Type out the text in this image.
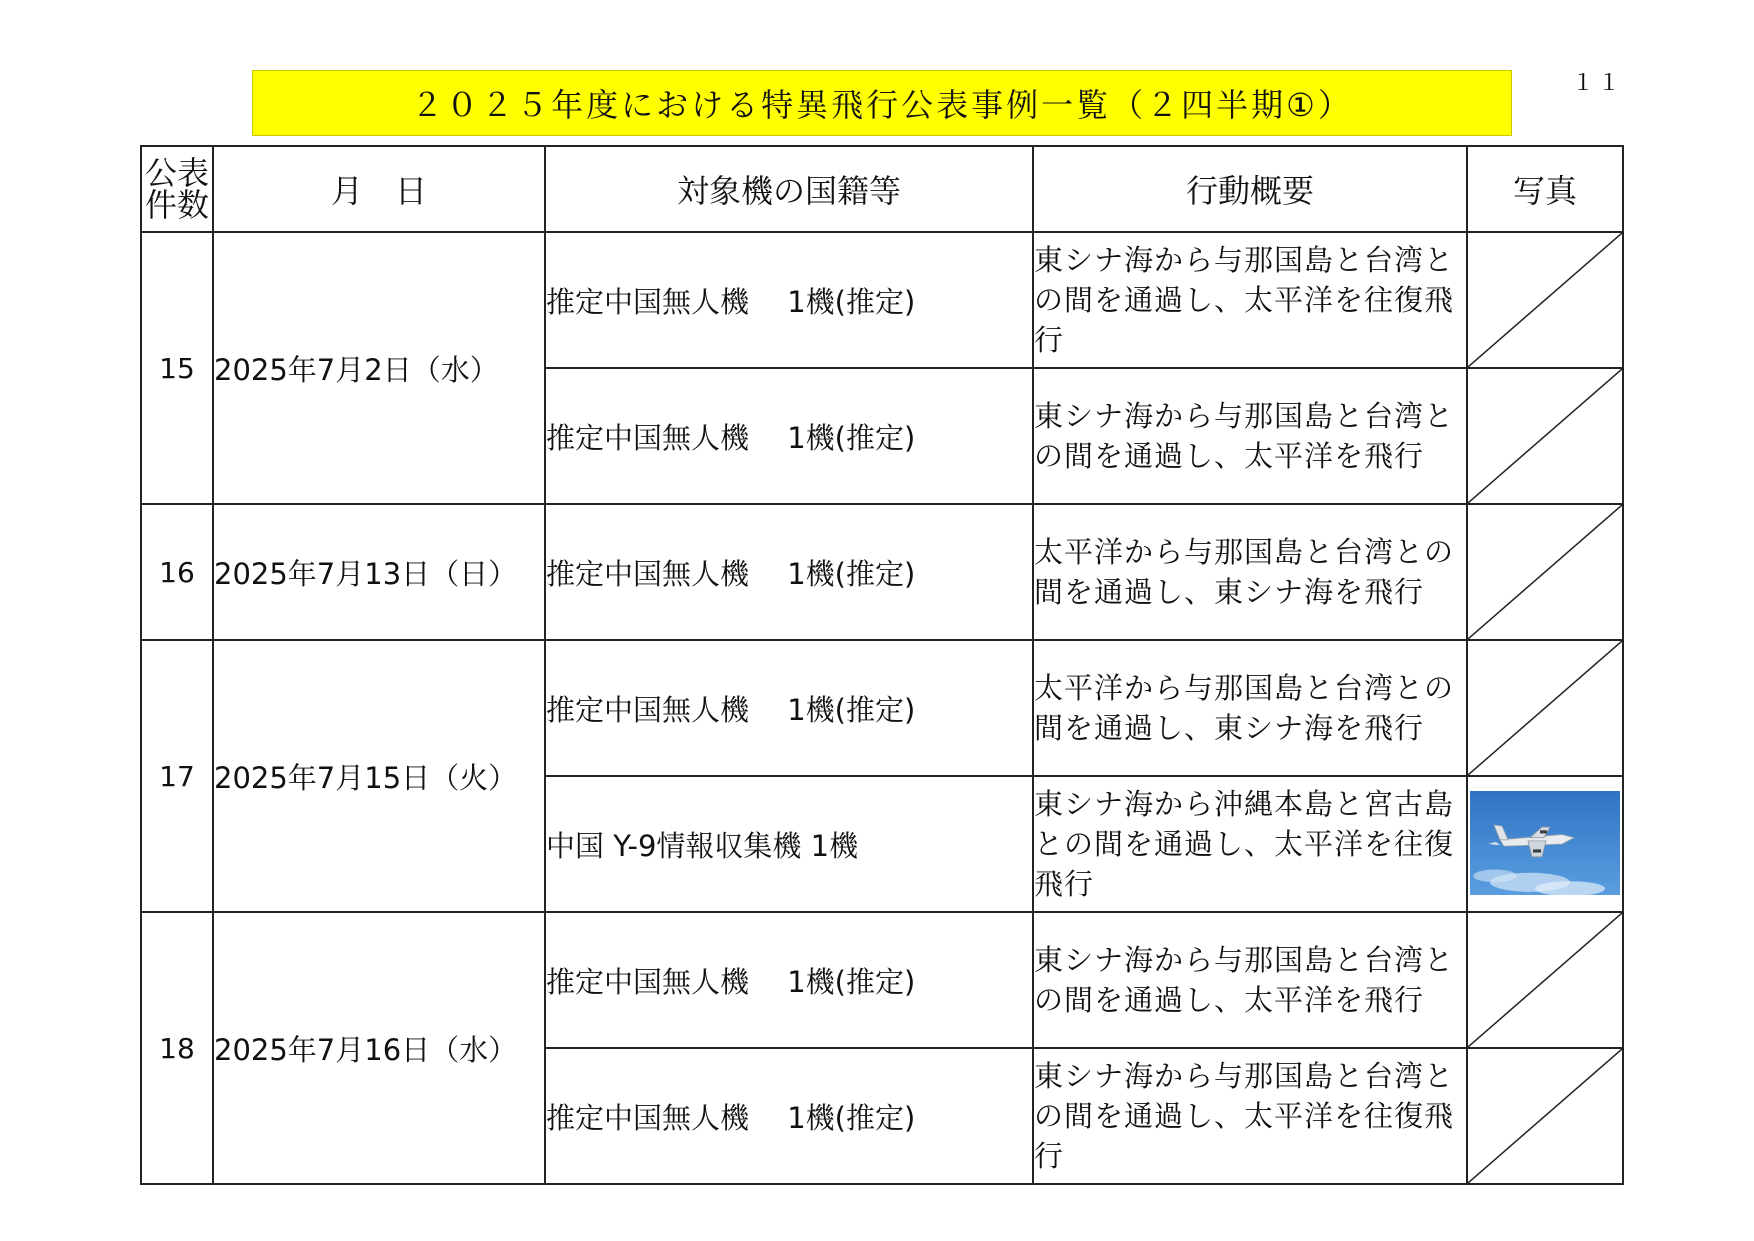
１１
２０２５年度における特異飛行公表事例一覧（２四半期①）
公表
件数	月　日	対象機の国籍等	行動概要	写真
15	2025年7月2日（水）	推定中国無人機　 1機(推定)	東シナ海から与那国島と台湾との間を通過し、太平洋を往復飛行	

		推定中国無人機　 1機(推定)	東シナ海から与那国島と台湾との間を通過し、太平洋を飛行	

16	2025年7月13日（日）	推定中国無人機　 1機(推定)	太平洋から与那国島と台湾との間を通過し、東シナ海を飛行	

17	2025年7月15日（火）	推定中国無人機　 1機(推定)	太平洋から与那国島と台湾との間を通過し、東シナ海を飛行	

		中国 Y-9情報収集機 1機	東シナ海から沖縄本島と宮古島との間を通過し、太平洋を往復飛行	

18	2025年7月16日（水）	推定中国無人機　 1機(推定)	東シナ海から与那国島と台湾との間を通過し、太平洋を飛行	

		推定中国無人機　 1機(推定)	東シナ海から与那国島と台湾との間を通過し、太平洋を往復飛行	
